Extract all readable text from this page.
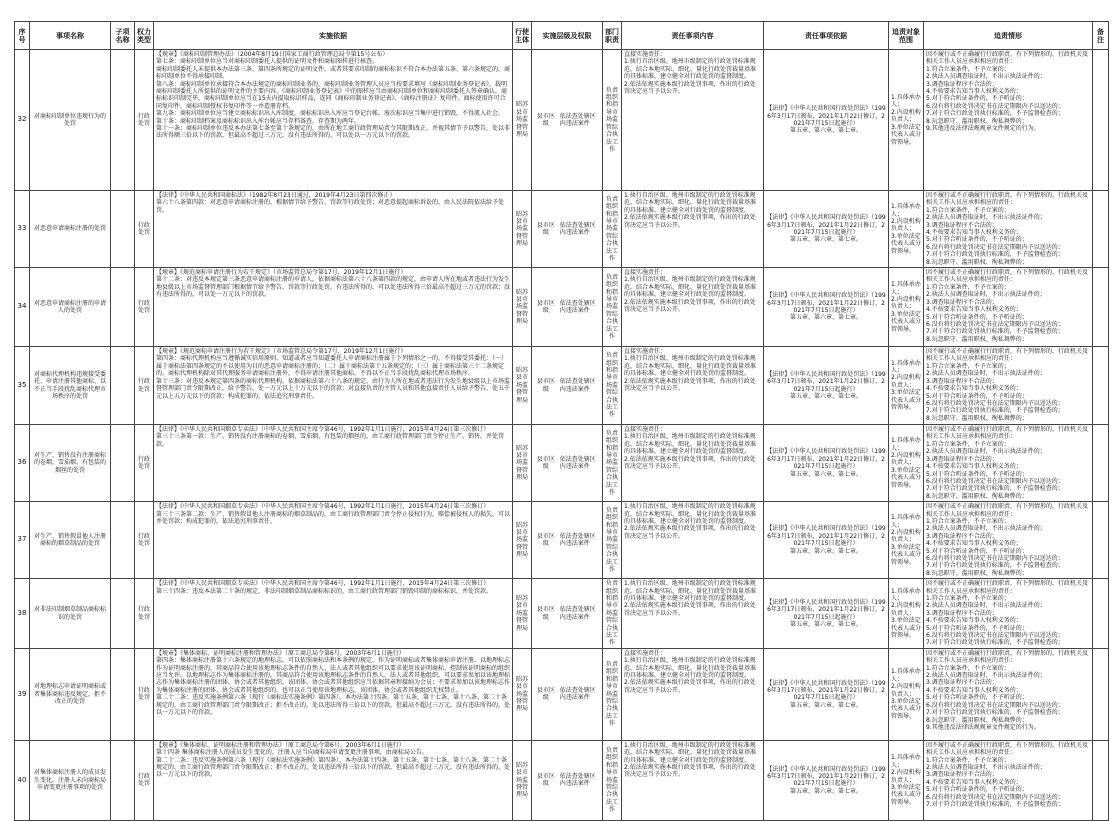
序号	事项名称	子项名称	权力类型	实施依据	行使主体	实施层级及权限	部门职责	责任事项内容	责任事项依据	追责对象范围	追责情形	备注
32	对商标印制单位违规行为的处罚		行政处罚	【规章】《商标印制管理办法》（2004年8月19日国家工商行政管理总局令第15号公布）
第七条：商标印制单位应当对商标印制委托人提供的证明文件和商标图样进行核查。
商标印制委托人未提供本办法第三条、第四条所规定的证明文件，或者其要求印制的商标标识不符合本办法第五条、第六条规定的，商标印制单位不得承接印制。
第八条：商标印制单位承接符合本办法规定的商标印制业务的，商标印制业务管理人员应当按要求填写《商标印制业务登记表》，载明商标印制委托人所提供的证明文件的主要内容，《商标印制业务登记表》中的图样应当由商标印制单位和商标印制委托人签章确认。商标标识印制完毕，商标印制单位应当在15天内提取标识样品，连同《商标印制业务登记表》、《商标注册证》复印件、商标使用许可合同复印件、商标印制授权书复印件等一并造册存档。
第九条：商标印制单位应当建立商标标识出入库制度，商标标识出入库应当登记台帐。废次标识应当集中进行销毁，不得流入社会。
第十条：商标印制档案及商标标识出入库台帐应当存档备查，存查期为两年。
第十一条：商标印制单位违反本办法第七条至第十条规定的，由所在地工商行政管理局责令其限期改正，并视其情节予以警告，处以非法所得额三倍以下的罚款，但最高不超过三万元，没有违法所得的，可以处以一万元以下的罚款。	昭苏县市场监督管理局	
县市区级	依法查处辖区内违法案件
	负责组织和指导市场监管综合执法工作	直接实施责任：
1.执行自治区级、地州市级制定的行政处罚标准规范，结合本地实际，细化、量化行政处罚裁量基准的具体标准，建立健全对行政处罚的监督制度。
2.依法依规实施本级行政处罚事项，作出的行政处罚决定应当予以公开。	【法律】《中华人民共和国行政处罚法》（1996年3月17日颁布，2021年1月22日修订，2021年7月15日起施行）
第五章、第六章、第七章。	1.具体承办人；
2.内设机构负责人；
3.单位法定代表人或分管领导。	因不履行或不正确履行行政职责，有下列情形的，行政机关及相关工作人员应承担相应的责任：
1.符合立案条件，不予立案的；
2.执法人员调查取证时，不出示执法证件的；
3.调查取证程序不合法的；
4.不按要求告知当事人权利义务的；
5.对于符合听证条件的，不予听证的；
6.没有将行政处罚决定书在法定期限内予以送达的；
7.对于符合行政处罚执行标准的，不予监督检查的；
8.玩忽职守、滥用职权、徇私舞弊的；
9.其他违反法律法规规章文件规定的行为。	
33	对恶意申请商标注册的处罚		行政处罚	【法律】《中华人民共和国商标法》（1982年8月23日通过，2019年4月23日第四次修正）
第六十八条第四款：对恶意申请商标注册的，根据情节给予警告、罚款等行政处罚；对恶意提起商标诉讼的，由人民法院依法给予处罚。	昭苏县市场监督管理局	
县市区级	依法查处辖区内违法案件
	负责组织和指导市场监管综合执法工作	1.执行自治区级、地州市级制定的行政处罚标准规范，结合本地实际，细化、量化行政处罚裁量基准的具体标准，建立健全对行政处罚的监督制度。
2.依法依规实施本级行政处罚事项，作出的行政处罚决定应当予以公开。	【法律】《中华人民共和国行政处罚法》（1996年3月17日颁布，2021年1月22日修订，2021年7月15日起施行）
第五章、第六章、第七章。	1.具体承办人；
2.内设机构负责人；
3.单位法定代表人或分管领导。	因不履行或不正确履行行政职责，有下列情形的，行政机关及相关工作人员应承担相应的责任：
1.符合立案条件，不予立案的；
2.执法人员调查取证时，不出示执法证件的；
3.调查取证程序不合法的；
4.不按要求告知当事人权利义务的；
5.对于符合听证条件的，不予听证的；
6.没有将行政处罚决定书在法定期限内予以送达的；
7.对于符合行政处罚执行标准的，不予监督检查的；
8.玩忽职守、滥用职权、徇私舞弊的；	
34	对恶意申请商标注册的申请人的处罚		行政处罚	【规章】《规范商标申请注册行为若干规定》（市场监管总局令第17号，2019年12月1日施行）
第十二条：对违反本规定第三条恶意申请商标注册的申请人，依据商标法第六十八条第四款的规定，由申请人所在地或者违法行为发生地县级以上市场监督管理部门根据情节给予警告、罚款等行政处罚。有违法所得的，可以处违法所得三倍最高不超过三万元的罚款；没有违法所得的，可以处一万元以下的罚款。	昭苏县市场监督管理局	
县市区级	依法查处辖区内违法案件
	负责组织和指导市场监管综合执法工作	直接实施责任：
1.执行自治区级、地州市级制定的行政处罚标准规范，结合本地实际，细化、量化行政处罚裁量基准的具体标准，建立健全对行政处罚的监督制度。
2.依法依规实施本级行政处罚事项，作出的行政处罚决定应当予以公开。	【法律】《中华人民共和国行政处罚法》（1996年3月17日颁布，2021年1月22日修订，2021年7月15日起施行）
第五章、第六章、第七章。	1.具体承办人；
2.内设机构负责人；
3.单位法定代表人或分管领导。	因不履行或不正确履行行政职责，有下列情形的，行政机关及相关工作人员应承担相应的责任：
1.符合立案条件，不予立案的；
2.执法人员调查取证时，不出示执法证件的；
3.调查取证程序不合法的；
4.不按要求告知当事人权利义务的；
5.对于符合听证条件的，不予听证的；
6.没有将行政处罚决定书在法定期限内予以送达的；
7.对于符合行政处罚执行标准的，不予监督检查的；
8.玩忽职守、滥用职权、徇私舞弊的；	
35	对商标代理机构违规接受委托、申请注册其他商标、以不正当手段扰乱商标代理市场秩序的处罚		行政处罚	【规章】《规范商标申请注册行为若干规定》（市场监管总局令第17号，2019年12月1日施行）
第四条：商标代理机构应当遵循诚实信用原则。知道或者应当知道委托人申请商标注册属于下列情形之一的，不得接受其委托：（一）属于商标法第四条规定的不以使用为目的恶意申请商标注册的；（二）属于商标法第十五条规定的；（三）属于商标法第三十二条规定的。商标代理机构除对其代理服务申请商标注册外，不得申请注册其他商标，不得以不正当手段扰乱商标代理市场秩序。
第十三条：对违反本规定第四条的商标代理机构，依据商标法第六十八条的规定，由行为人所在地或者违法行为发生地县级以上市场监督管理部门责令限期改正，给予警告，处一万元以上十万元以下的罚款；对直接负责的主管人员和其他直接责任人员给予警告，处五千元以上五万元以下的罚款；构成犯罪的，依法追究刑事责任。	昭苏县市场监督管理局	
县市区级	依法查处辖区内违法案件
	负责组织和指导市场监管综合执法工作	直接实施责任：
1.执行自治区级、地州市级制定的行政处罚标准规范，结合本地实际，细化、量化行政处罚裁量基准的具体标准，建立健全对行政处罚的监督制度。
2.依法依规实施本级行政处罚事项，作出的行政处罚决定应当予以公开。	【法律】《中华人民共和国行政处罚法》（1996年3月17日颁布，2021年1月22日修订，2021年7月15日起施行）
第五章、第六章、第七章。	1.具体承办人；
2.内设机构负责人；
3.单位法定代表人或分管领导。	因不履行或不正确履行行政职责，有下列情形的，行政机关及相关工作人员应承担相应的责任：
1.符合立案条件，不予立案的；
2.执法人员调查取证时，不出示执法证件的；
3.调查取证程序不合法的；
4.不按要求告知当事人权利义务的；
5.对于符合听证条件的，不予听证的；
6.没有将行政处罚决定书在法定期限内予以送达的；
7.对于符合行政处罚执行标准的，不予监督检查的；
8.玩忽职守、滥用职权、徇私舞弊的；	
36	对生产、销售没有注册商标的卷烟、雪茄烟、有包装的烟丝的处罚		行政处罚	【法律】《中华人民共和国烟草专卖法》（中华人民共和国主席令第46号，1992年1月1日施行，2015年4月24日第三次修订）
第三十三条第一款：生产、销售没有注册商标的卷烟、雪茄烟、有包装的烟丝的，由工商行政管理部门责令停止生产、销售，并处罚款。	昭苏县市场监督管理局	
县市区级	依法查处辖区内违法案件
	负责组织和指导市场监管综合执法工作	直接实施责任：
1.执行自治区级、地州市级制定的行政处罚标准规范，结合本地实际，细化、量化行政处罚裁量基准的具体标准，建立健全对行政处罚的监督制度。
2.依法依规实施本级行政处罚事项，作出的行政处罚决定应当予以公开。	【法律】《中华人民共和国行政处罚法》（1996年3月17日颁布，2021年1月22日修订，2021年7月15日起施行）
第五章、第六章、第七章。	1.具体承办人；
2.内设机构负责人；
3.单位法定代表人或分管领导。	因不履行或不正确履行行政职责，有下列情形的，行政机关及相关工作人员应承担相应的责任：
1.符合立案条件，不予立案的；
2.执法人员调查取证时，不出示执法证件的；
3.调查取证程序不合法的；
4.不按要求告知当事人权利义务的；
5.对于符合听证条件的，不予听证的；
6.没有将行政处罚决定书在法定期限内予以送达的；
7.对于符合行政处罚执行标准的，不予监督检查的；
8.玩忽职守、滥用职权、徇私舞弊的；	
37	对生产、销售假冒他人注册商标的烟草制品的处罚		行政处罚	【法律】《中华人民共和国烟草专卖法》（中华人民共和国主席令第46号，1992年1月1日施行，2015年4月24日第三次修订）
第三十三条第二款：生产、销售假冒他人注册商标的烟草制品的，由工商行政管理部门责令停止侵权行为，赔偿被侵权人的损失，可以并处罚款；构成犯罪的，依法追究刑事责任。	昭苏县市场监督管理局	
县市区级	依法查处辖区内违法案件
	负责组织和指导市场监管综合执法工作	1.执行自治区级、地州市级制定的行政处罚标准规范，结合本地实际，细化、量化行政处罚裁量基准的具体标准，建立健全对行政处罚的监督制度。
2.依法依规实施本级行政处罚事项，作出的行政处罚决定应当予以公开。	【法律】《中华人民共和国行政处罚法》（1996年3月17日颁布，2021年1月22日修订，2021年7月15日起施行）
第五章、第六章、第七章。	1.具体承办人；
2.内设机构负责人；
3.单位法定代表人或分管领导。	因不履行或不正确履行行政职责，有下列情形的，行政机关及相关工作人员应承担相应的责任：
1.符合立案条件，不予立案的；
2.执法人员调查取证时，不出示执法证件的；
3.调查取证程序不合法的；
4.不按要求告知当事人权利义务的；
5.对于符合听证条件的，不予听证的；
6.没有将行政处罚决定书在法定期限内予以送达的；
7.对于符合行政处罚执行标准的，不予监督检查的；
8.玩忽职守、滥用职权、徇私舞弊的；	
38	对非法印制烟草制品商标标识的处罚		行政处罚	【法律】《中华人民共和国烟草专卖法》（中华人民共和国主席令第46号，1992年1月1日施行，2015年4月24日第三次修订）
第三十四条：违反本法第二十条的规定，非法印制烟草制品商标标识的，由工商行政管理部门销毁印制的商标标识，并处罚款。	昭苏县市场监督管理局	
县市区级	依法查处辖区内违法案件
	负责组织和指导市场监管综合执法工作	1.执行自治区级、地州市级制定的行政处罚标准规范，结合本地实际，细化、量化行政处罚裁量基准的具体标准，建立健全对行政处罚的监督制度。
2.依法依规实施本级行政处罚事项，作出的行政处罚决定应当予以公开。	【法律】《中华人民共和国行政处罚法》（1996年3月17日颁布，2021年1月22日修订，2021年7月15日起施行）
第五章、第六章、第七章。	1.具体承办人；
2.内设机构负责人；
3.单位法定代表人或分管领导。	因不履行或不正确履行行政职责，有下列情形的，行政机关及相关工作人员应承担相应的责任：
1.符合立案条件，不予立案的；
2.执法人员调查取证时，不出示执法证件的；
3.调查取证程序不合法的；
4.不按要求告知当事人权利义务的；
5.对于符合听证条件的，不予听证的；
6.没有将行政处罚决定书在法定期限内予以送达的；
7.对于符合行政处罚执行标准的，不予监督检查的；	
39	对地理标志申请证明商标或者集体商标违反规定，拒不改正的处罚		行政处罚	【规章】《集体商标、证明商标注册和管理办法》（原工商总局令第6号，2003年6月1日施行）
第四条：集体商标注册第十六条规定的地理标志，可以依照商标法和本条例的规定，作为证明商标或者集体商标申请注册。以地理标志作为证明商标注册的，其商品符合使用该地理标志条件的自然人、法人或者其他组织可以要求使用该证明商标，控制该证明商标的组织应当允许。以地理标志作为集体商标注册的，其商品符合使用该地理标志条件的自然人、法人或者其他组织，可以要求参加以该地理标志作为集体商标注册的团体、协会或者其他组织，该团体、协会或者其他组织应当依据其章程接纳为会员；不要求参加以该地理标志作为集体商标注册的团体、协会或者其他组织的，也可以正当使用该地理标志，该团体、协会或者其他组织无权禁止。
第二十二条：违反实施条例第六条（现行《商标法实施条例》第四条）、本办法第十四条、第十五条、第十七条、第十八条、第二十条规定的，由工商行政管理部门责令限期改正；拒不改正的，处以违法所得三倍以下的罚款，但最高不超过三万元，没有违法所得的，处以一万元以下的罚款。	昭苏县市场监督管理局	
县市区级	依法查处辖区内违法案件
	负责组织和指导市场监管综合执法工作	直接实施责任：
1.执行自治区级、地州市级制定的行政处罚标准规范，结合本地实际，细化、量化行政处罚裁量基准的具体标准，建立健全对行政处罚的监督制度。
2.依法依规实施本级行政处罚事项，作出的行政处罚决定应当予以公开。	【法律】《中华人民共和国行政处罚法》（1996年3月17日颁布，2021年1月22日修订，2021年7月15日起施行）
第五章、第六章、第七章。	1.具体承办人；
2.内设机构负责人；
3.单位法定代表人或分管领导。	因不履行或不正确履行行政职责，有下列情形的，行政机关及相关工作人员应承担相应的责任：
1.符合立案条件，不予立案的；
2.执法人员调查取证时，不出示执法证件的；
3.调查取证程序不合法的；
4.不按要求告知当事人权利义务的；
5.对于符合听证条件的，不予听证的；
6.没有将行政处罚决定书在法定期限内予以送达的；
7.对于符合行政处罚执行标准的，不予监督检查的；
8.玩忽职守、滥用职权、徇私舞弊的；
9.其他违反法律法规规章文件规定的行为。	
40	对集体商标注册人的成员发生变化，注册人未向商标局申请变更注册事项的处罚		行政处罚	【规章】《集体商标、证明商标注册和管理办法》（原工商总局令第6号，2003年6月1日施行）
第十四条 集体商标注册人的成员发生变化的，注册人应当向商标局申请变更注册事项，由商标局公告。
第二十二条：违反实施条例第六条（现行《商标法实施条例》第四条）、本办法第十四条、第十五条、第十七条、第十八条、第二十条规定的，由工商行政管理部门责令限期改正；拒不改正的，处以违法所得三倍以下的罚款，但最高不超过三万元，没有违法所得的，处以一万元以下的罚款。	昭苏县市场监督管理局	
县市区级	依法查处辖区内违法案件
	负责组织和指导市场监管综合执法工作	1.执行自治区级、地州市级制定的行政处罚标准规范，结合本地实际，细化、量化行政处罚裁量基准的具体标准，建立健全对行政处罚的监督制度。
2.依法依规实施本级行政处罚事项，作出的行政处罚决定应当予以公开。	【法律】《中华人民共和国行政处罚法》（1996年3月17日颁布，2021年1月22日修订，2021年7月15日起施行）
第五章、第六章、第七章。	1.具体承办人；
2.内设机构负责人；
3.单位法定代表人或分管领导。	因不履行或不正确履行行政职责，有下列情形的，行政机关及相关工作人员应承担相应的责任：
1.符合立案条件，不予立案的；
2.执法人员调查取证时，不出示执法证件的；
3.调查取证程序不合法的；
4.不按要求告知当事人权利义务的；
5.对于符合听证条件的，不予听证的；
6.没有将行政处罚决定书在法定期限内予以送达的；
7.对于符合行政处罚执行标准的，不予监督检查的；	
